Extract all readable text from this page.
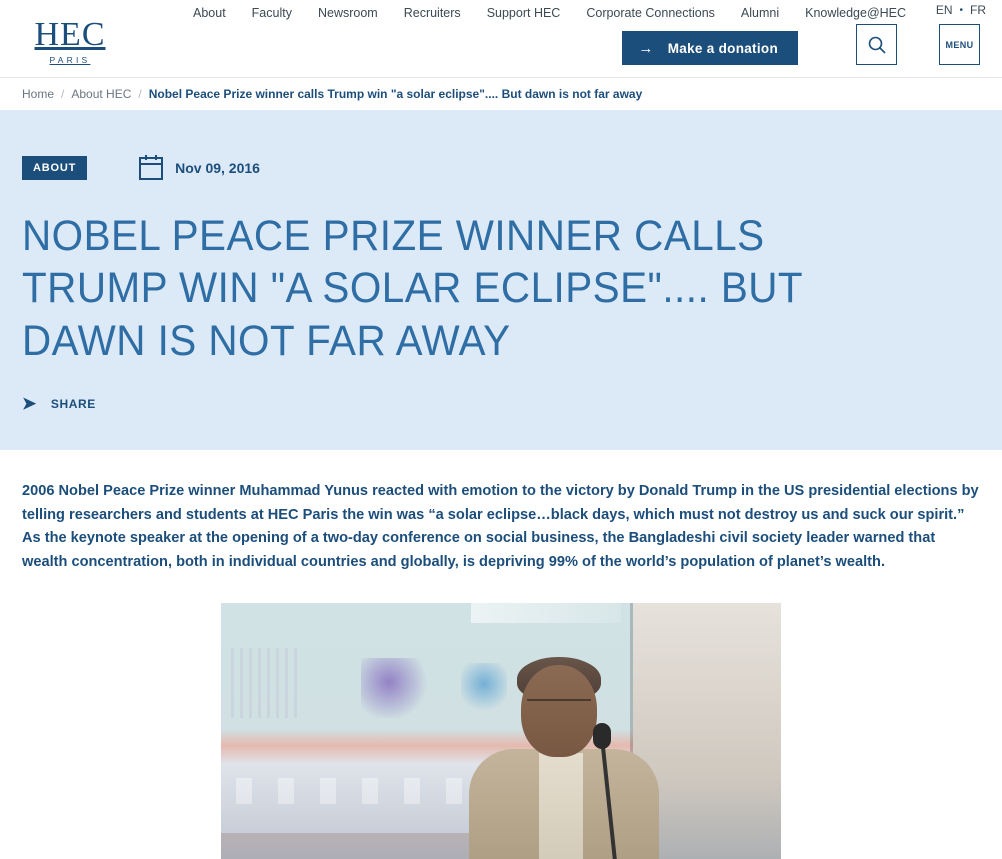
HEC
PARIS
About	Faculty	Newsroom	Recruiters	Support HEC	Corporate Connections	Alumni	Knowledge@HEC	EN • FR
→ Make a donation	MENU
Home / About HEC / Nobel Peace Prize winner calls Trump win "a solar eclipse".... But dawn is not far away
ABOUT	Nov 09, 2016
NOBEL PEACE PRIZE WINNER CALLS TRUMP WIN "A SOLAR ECLIPSE".... BUT DAWN IS NOT FAR AWAY
➤ SHARE

2006 Nobel Peace Prize winner Muhammad Yunus reacted with emotion to the victory by Donald Trump in the US presidential elections by telling researchers and students at HEC Paris the win was “a solar eclipse…black days, which must not destroy us and suck our spirit.” As the keynote speaker at the opening of a two-day conference on social business, the Bangladeshi civil society leader warned that wealth concentration, both in individual countries and globally, is depriving 99% of the world’s population of planet’s wealth.
